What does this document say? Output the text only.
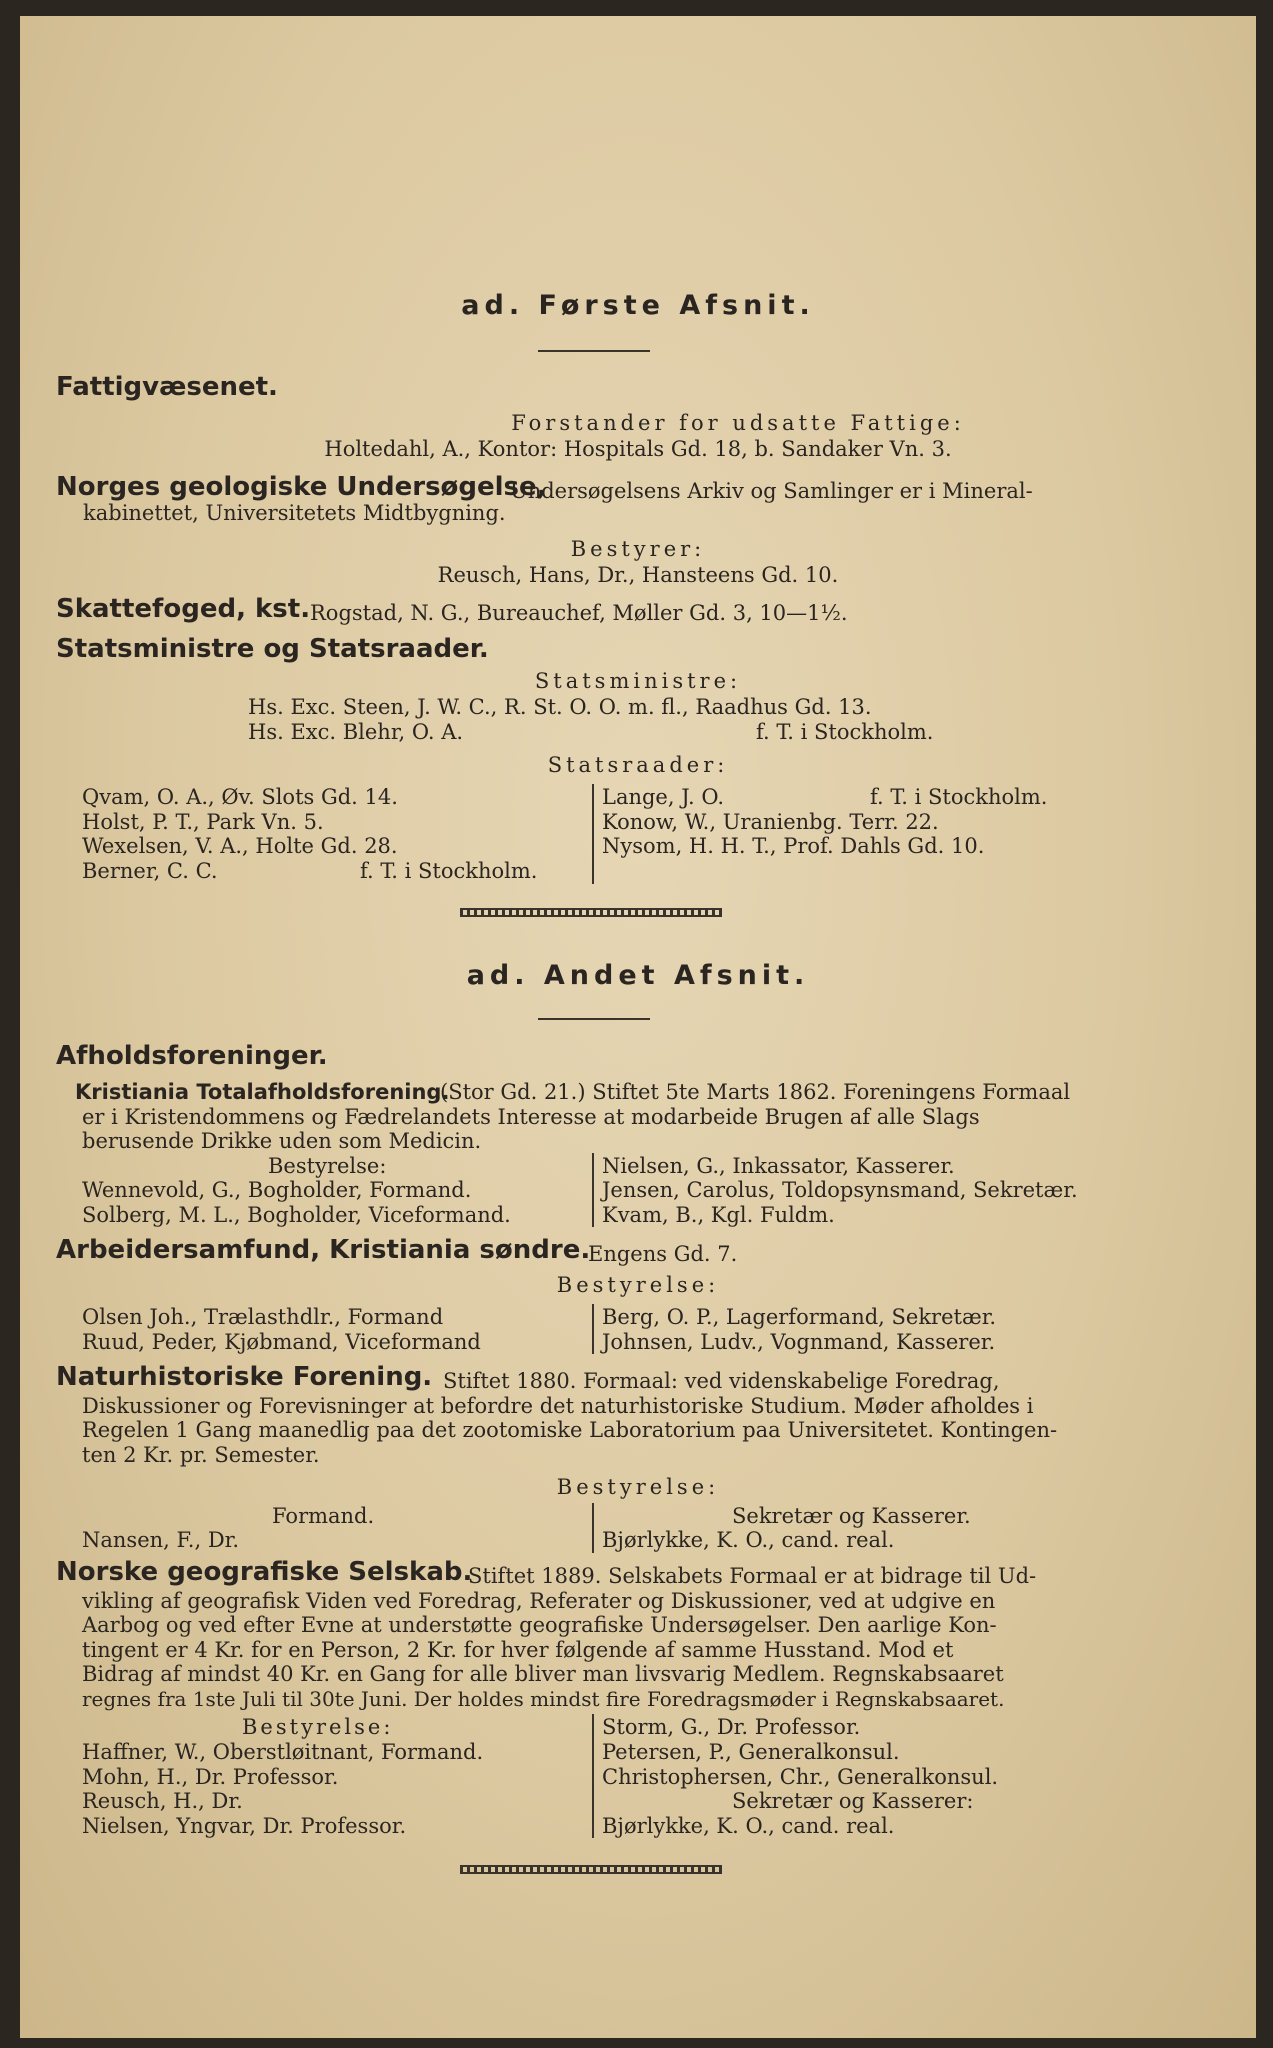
ad. Første Afsnit.
Fattigvæsenet.
Forstander for udsatte Fattige:
Holtedahl, A., Kontor: Hospitals Gd. 18, b. Sandaker Vn. 3.
Norges geologiske Undersøgelse,
Undersøgelsens Arkiv og Samlinger er i Mineral-
kabinettet, Universitetets Midtbygning.
Bestyrer:
Reusch, Hans, Dr., Hansteens Gd. 10.
Skattefoged, kst. Rogstad, N. G., Bureauchef, Møller Gd. 3, 10—1½.
Statsministre og Statsraader.
Statsministre:
Hs. Exc. Steen, J. W. C., R. St. O. O. m. fl., Raadhus Gd. 13.
Hs. Exc. Blehr, O. A.	f. T. i Stockholm.
Statsraader:
Qvam, O. A., Øv. Slots Gd. 14.
Holst, P. T., Park Vn. 5.
Wexelsen, V. A., Holte Gd. 28.
Berner, C. C.	f. T. i Stockholm.
Lange, J. O.	f. T. i Stockholm.
Konow, W., Uranienbg. Terr. 22.
Nysom, H. H. T., Prof. Dahls Gd. 10.
ad. Andet Afsnit.
Afholdsforeninger.
Kristiania Totalafholdsforening.
(Stor Gd. 21.) Stiftet 5te Marts 1862. Foreningens Formaal
er i Kristendommens og Fædrelandets Interesse at modarbeide Brugen af alle Slags
berusende Drikke uden som Medicin.
Bestyrelse:
Wennevold, G., Bogholder, Formand.
Solberg, M. L., Bogholder, Viceformand.
Nielsen, G., Inkassator, Kasserer.
Jensen, Carolus, Toldopsynsmand, Sekretær.
Kvam, B., Kgl. Fuldm.
Arbeidersamfund, Kristiania søndre.
Engens Gd. 7.
Bestyrelse:
Olsen Joh., Trælasthdlr., Formand
Ruud, Peder, Kjøbmand, Viceformand
Berg, O. P., Lagerformand, Sekretær.
Johnsen, Ludv., Vognmand, Kasserer.
Naturhistoriske Forening. Stiftet 1880. Formaal: ved videnskabelige Foredrag,
Diskussioner og Forevisninger at befordre det naturhistoriske Studium. Møder afholdes i
Regelen 1 Gang maanedlig paa det zootomiske Laboratorium paa Universitetet. Kontingen-
ten 2 Kr. pr. Semester.
Bestyrelse:
Formand.
Nansen, F., Dr.
Sekretær og Kasserer.
Bjørlykke, K. O., cand. real.
Norske geografiske Selskab.
Stiftet 1889. Selskabets Formaal er at bidrage til Ud-
vikling af geografisk Viden ved Foredrag, Referater og Diskussioner, ved at udgive en
Aarbog og ved efter Evne at understøtte geografiske Undersøgelser. Den aarlige Kon-
tingent er 4 Kr. for en Person, 2 Kr. for hver følgende af samme Husstand. Mod et
Bidrag af mindst 40 Kr. en Gang for alle bliver man livsvarig Medlem. Regnskabsaaret
regnes fra 1ste Juli til 30te Juni. Der holdes mindst fire Foredragsmøder i Regnskabsaaret.
Bestyrelse:
Haffner, W., Oberstløitnant, Formand.
Mohn, H., Dr. Professor.
Reusch, H., Dr.
Nielsen, Yngvar, Dr. Professor.
Storm, G., Dr. Professor.
Petersen, P., Generalkonsul.
Christophersen, Chr., Generalkonsul.
Sekretær og Kasserer:
Bjørlykke, K. O., cand. real.
